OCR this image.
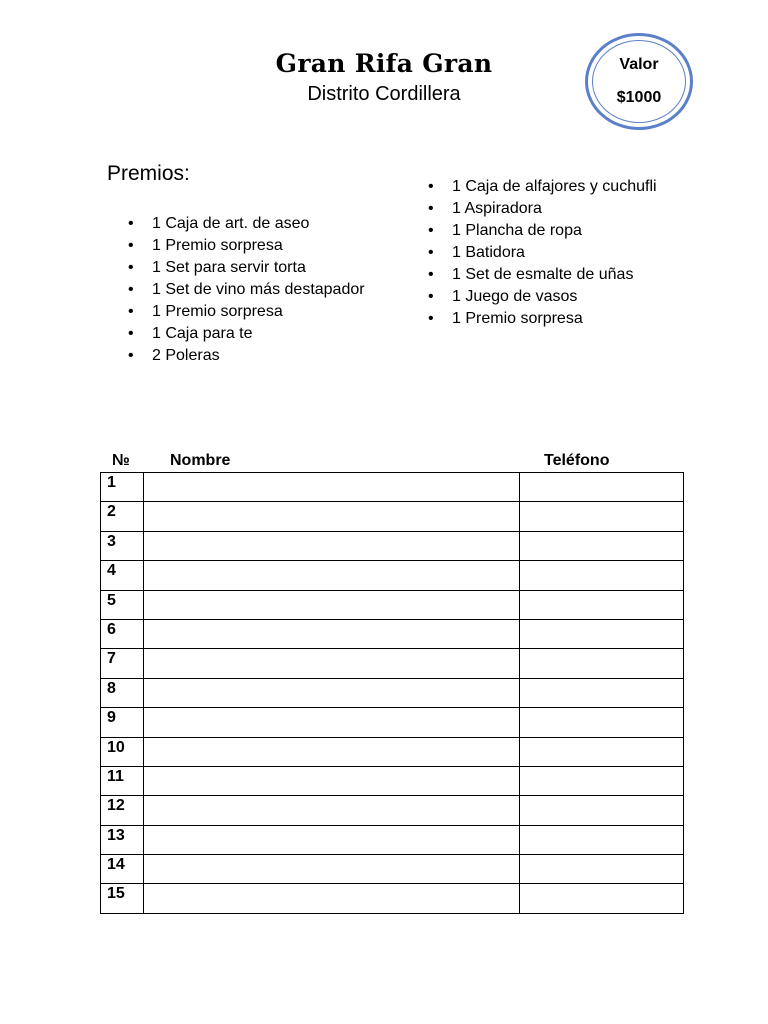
Gran Rifa Gran
Distrito Cordillera
Valor
$1000
Premios:
• 1 Caja de art. de aseo
• 1 Premio sorpresa
• 1 Set para servir torta
• 1 Set de vino más destapador
• 1 Premio sorpresa
• 1 Caja para te
• 2 Poleras
• 1 Caja de alfajores y cuchufli
• 1 Aspiradora
• 1 Plancha de ropa
• 1 Batidora
• 1 Set de esmalte de uñas
• 1 Juego de vasos
• 1 Premio sorpresa
№	Nombre	Teléfono
1		
2		
3		
4		
5		
6		
7		
8		
9		
10		
11		
12		
13		
14		
15		
